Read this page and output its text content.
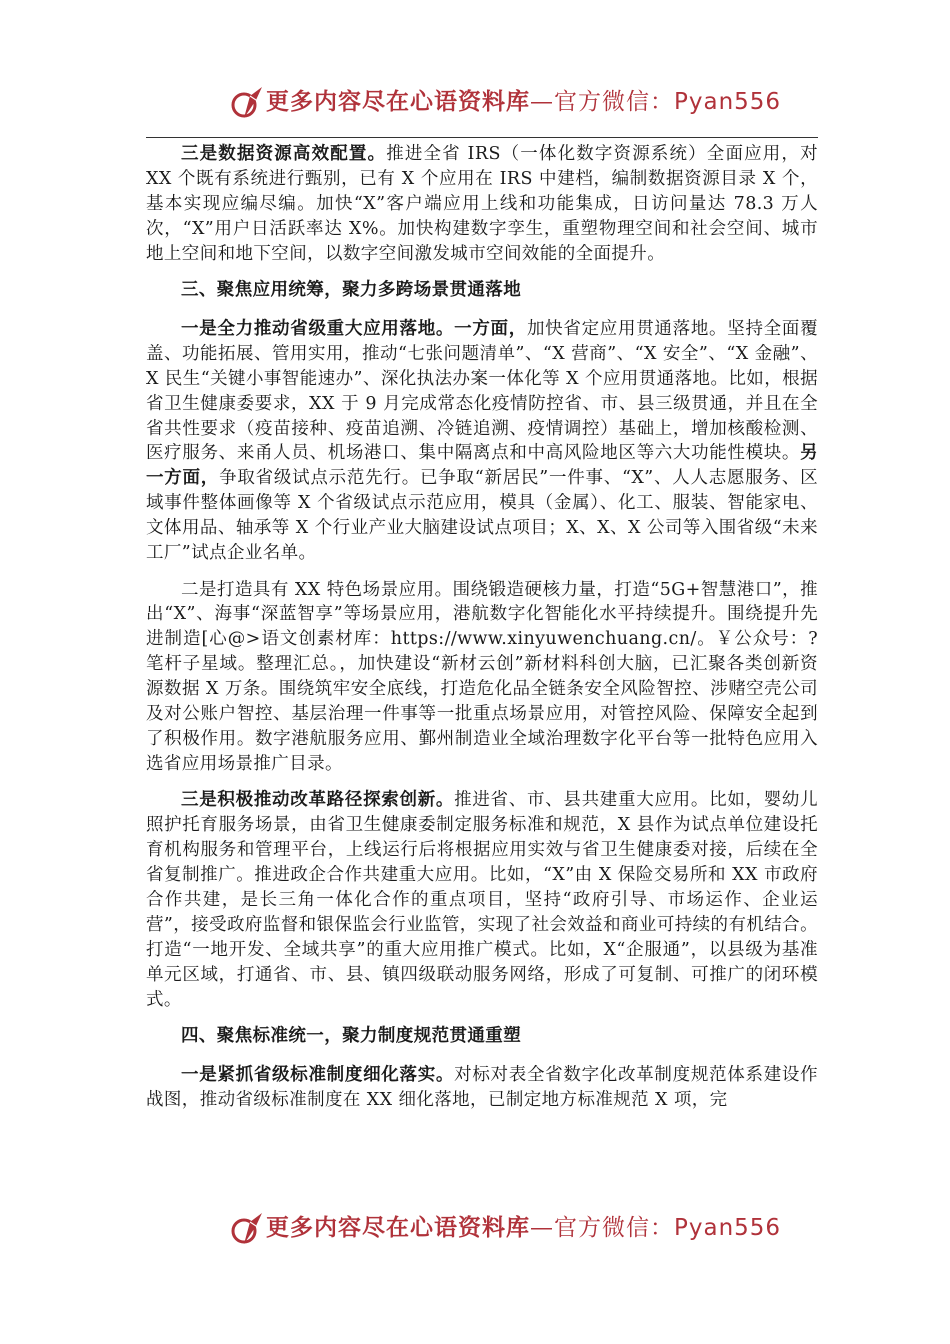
更多内容尽在心语资料库—官方微信：Pyan556

三是数据资源高效配置。推进全省 IRS（一体化数字资源系统）全面应用，对 XX 个既有系统进行甄别，已有 X 个应用在 IRS 中建档，编制数据资源目录 X 个，基本实现应编尽编。加快“X”客户端应用上线和功能集成，日访问量达 78.3 万人次，“X”用户日活跃率达 X%。加快构建数字孪生，重塑物理空间和社会空间、城市地上空间和地下空间，以数字空间激发城市空间效能的全面提升。

三、聚焦应用统筹，聚力多跨场景贯通落地

一是全力推动省级重大应用落地。一方面，加快省定应用贯通落地。坚持全面覆盖、功能拓展、管用实用，推动“七张问题清单”、“X 营商”、“X 安全”、“X 金融”、X 民生“关键小事智能速办”、深化执法办案一体化等 X 个应用贯通落地。比如，根据省卫生健康委要求，XX 于 9 月完成常态化疫情防控省、市、县三级贯通，并且在全省共性要求（疫苗接种、疫苗追溯、冷链追溯、疫情调控）基础上，增加核酸检测、医疗服务、来甬人员、机场港口、集中隔离点和中高风险地区等六大功能性模块。另一方面，争取省级试点示范先行。已争取“新居民”一件事、“X”、人人志愿服务、区域事件整体画像等 X 个省级试点示范应用，模具（金属）、化工、服装、智能家电、文体用品、轴承等 X 个行业产业大脑建设试点项目；X、X、X 公司等入围省级“未来工厂”试点企业名单。

二是打造具有 XX 特色场景应用。围绕锻造硬核力量，打造“5G+智慧港口”，推出“X”、海事“深蓝智享”等场景应用，港航数字化智能化水平持续提升。围绕提升先进制造[心@>语文创素材库：https://www.xinyuwenchuang.cn/。￥公众号：?笔杆子星域。整理汇总。，加快建设“新材云创”新材料科创大脑，已汇聚各类创新资源数据 X 万条。围绕筑牢安全底线，打造危化品全链条安全风险智控、涉赌空壳公司及对公账户智控、基层治理一件事等一批重点场景应用，对管控风险、保障安全起到了积极作用。数字港航服务应用、鄞州制造业全域治理数字化平台等一批特色应用入选省应用场景推广目录。

三是积极推动改革路径探索创新。推进省、市、县共建重大应用。比如，婴幼儿照护托育服务场景，由省卫生健康委制定服务标准和规范，X 县作为试点单位建设托育机构服务和管理平台，上线运行后将根据应用实效与省卫生健康委对接，后续在全省复制推广。推进政企合作共建重大应用。比如，“X”由 X 保险交易所和 XX 市政府合作共建，是长三角一体化合作的重点项目，坚持“政府引导、市场运作、企业运营”，接受政府监督和银保监会行业监管，实现了社会效益和商业可持续的有机结合。打造“一地开发、全域共享”的重大应用推广模式。比如，X“企服通”，以县级为基准单元区域，打通省、市、县、镇四级联动服务网络，形成了可复制、可推广的闭环模式。

四、聚焦标准统一，聚力制度规范贯通重塑

一是紧抓省级标准制度细化落实。对标对表全省数字化改革制度规范体系建设作战图，推动省级标准制度在 XX 细化落地，已制定地方标准规范 X 项，完

更多内容尽在心语资料库—官方微信：Pyan556
